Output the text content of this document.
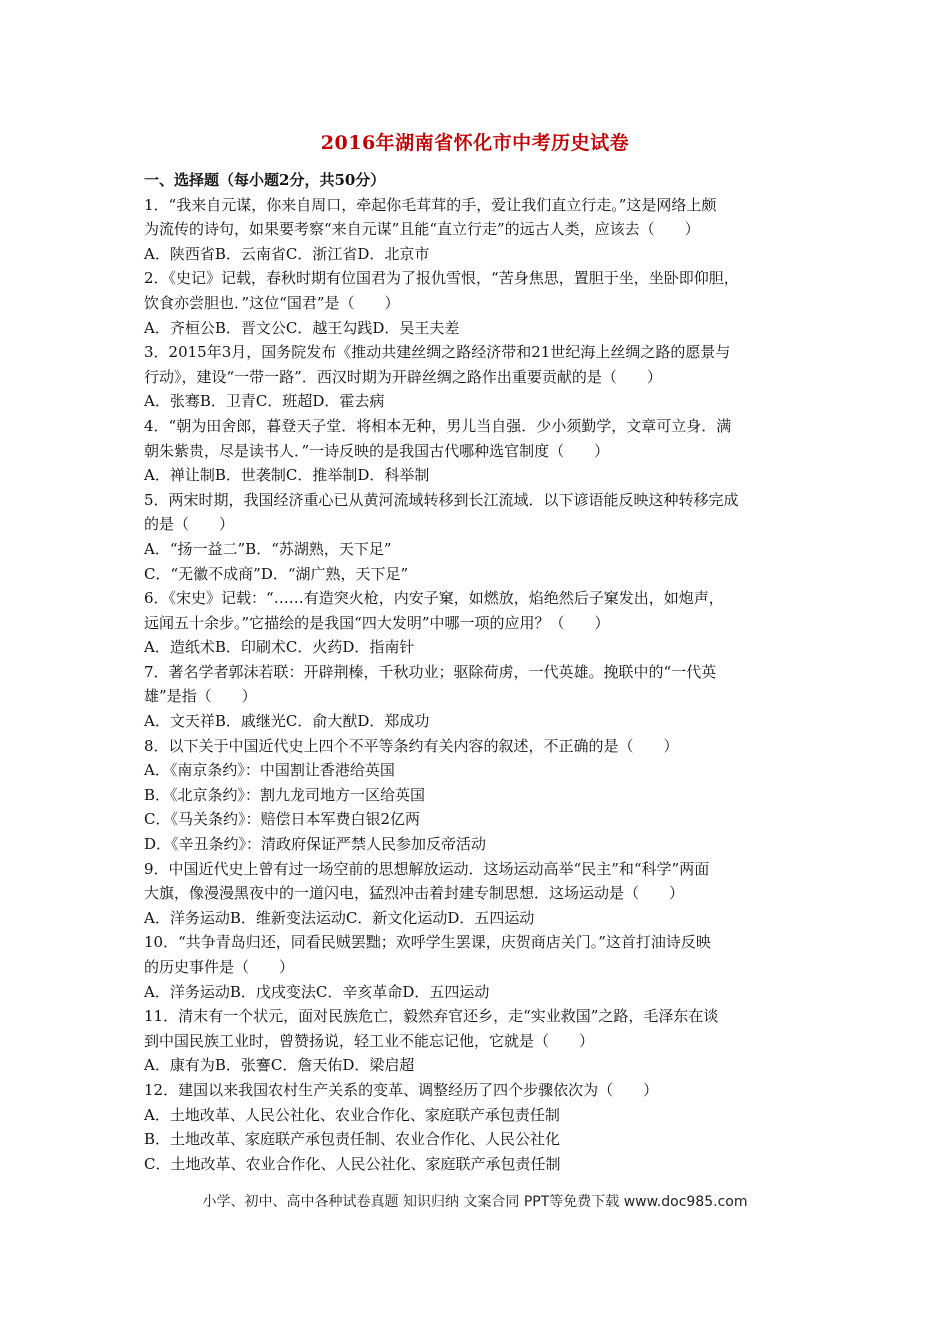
2016年湖南省怀化市中考历史试卷
一、选择题（每小题2分，共50分）
1．“我来自元谋，你来自周口，牵起你毛茸茸的手，爱让我们直立行走。”这是网络上颇
为流传的诗句，如果要考察“来自元谋”且能“直立行走”的远古人类，应该去（　　）
A．陕西省B．云南省C．浙江省D．北京市
2．《史记》记载，春秋时期有位国君为了报仇雪恨，“苦身焦思，置胆于坐，坐卧即仰胆，
饮食亦尝胆也．”这位“国君”是（　　）
A．齐桓公B．晋文公C．越王勾践D．吴王夫差
3．2015年3月，国务院发布《推动共建丝绸之路经济带和21世纪海上丝绸之路的愿景与
行动》，建设“一带一路”．西汉时期为开辟丝绸之路作出重要贡献的是（　　）
A．张骞B．卫青C．班超D．霍去病
4．“朝为田舍郎，暮登天子堂．将相本无种，男儿当自强．少小须勤学，文章可立身．满
朝朱紫贵，尽是读书人．”一诗反映的是我国古代哪种选官制度（　　）
A．禅让制B．世袭制C．推举制D．科举制
5．两宋时期，我国经济重心已从黄河流域转移到长江流域．以下谚语能反映这种转移完成
的是（　　）
A．“扬一益二”B．“苏湖熟，天下足”
C．“无徽不成商”D．“湖广熟，天下足”
6．《宋史》记载：“……有造突火枪，内安子窠，如燃放，焰绝然后子窠发出，如炮声，
远闻五十余步。”它描绘的是我国“四大发明”中哪一项的应用？（　　）
A．造纸术B．印刷术C．火药D．指南针
7．著名学者郭沫若联：开辟荆榛，千秋功业；驱除荷虏，一代英雄。挽联中的“一代英
雄”是指（　　）
A．文天祥B．戚继光C．俞大猷D．郑成功
8．以下关于中国近代史上四个不平等条约有关内容的叙述，不正确的是（　　）
A．《南京条约》：中国割让香港给英国
B．《北京条约》：割九龙司地方一区给英国
C．《马关条约》：赔偿日本军费白银2亿两
D．《辛丑条约》：清政府保证严禁人民参加反帝活动
9．中国近代史上曾有过一场空前的思想解放运动．这场运动高举“民主”和“科学”两面
大旗，像漫漫黑夜中的一道闪电，猛烈冲击着封建专制思想．这场运动是（　　）
A．洋务运动B．维新变法运动C．新文化运动D．五四运动
10．“共争青岛归还，同看民贼罢黜；欢呼学生罢课，庆贺商店关门。”这首打油诗反映
的历史事件是（　　）
A．洋务运动B．戊戌变法C．辛亥革命D．五四运动
11．清末有一个状元，面对民族危亡，毅然弃官还乡，走“实业救国”之路，毛泽东在谈
到中国民族工业时，曾赞扬说，轻工业不能忘记他，它就是（　　）
A．康有为B．张謇C．詹天佑D．梁启超
12．建国以来我国农村生产关系的变革、调整经历了四个步骤依次为（　　）
A．土地改革、人民公社化、农业合作化、家庭联产承包责任制
B．土地改革、家庭联产承包责任制、农业合作化、人民公社化
C．土地改革、农业合作化、人民公社化、家庭联产承包责任制
小学、初中、高中各种试卷真题 知识归纳 文案合同 PPT等免费下载 www.doc985.com
